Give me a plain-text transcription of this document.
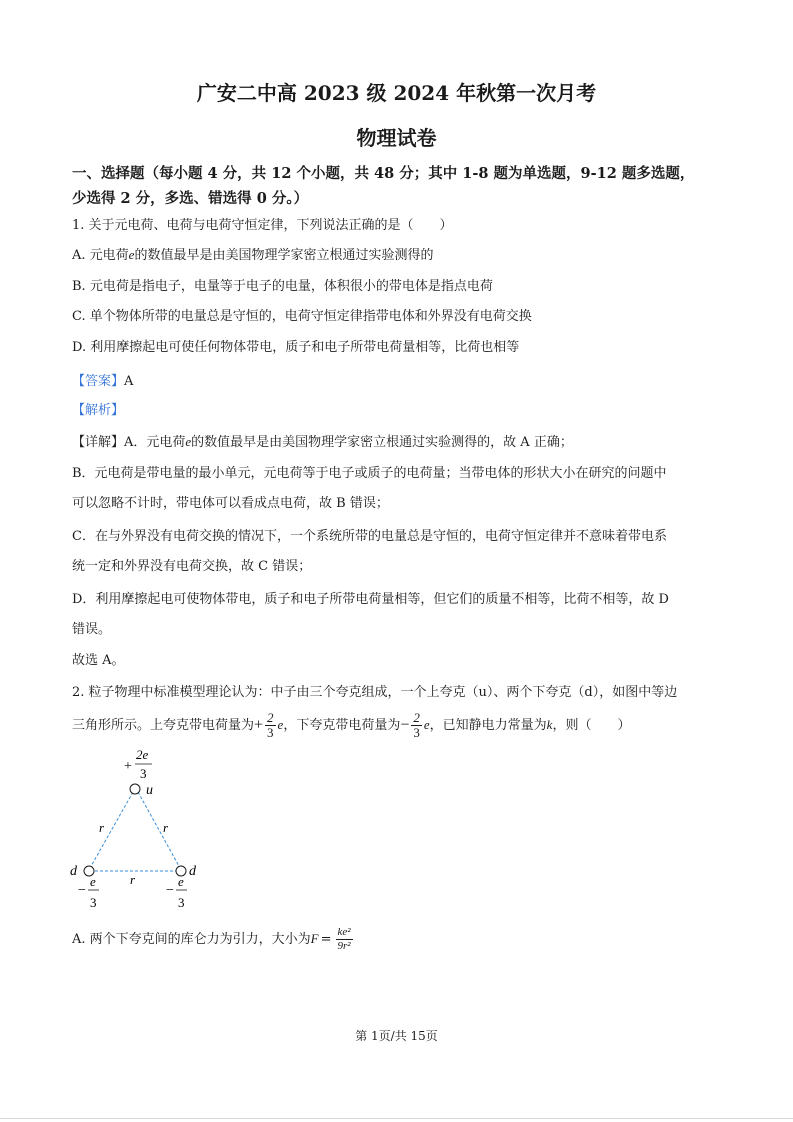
广安二中高 2023 级 2024 年秋第一次月考
物理试卷
一、选择题（每小题 4 分，共 12 个小题，共 48 分；其中 1-8 题为单选题，9-12 题多选题，
少选得 2 分，多选、错选得 0 分。）
1. 关于元电荷、电荷与电荷守恒定律，下列说法正确的是（　　）
A. 元电荷e的数值最早是由美国物理学家密立根通过实验测得的
B. 元电荷是指电子，电量等于电子的电量，体积很小的带电体是指点电荷
C. 单个物体所带的电量总是守恒的，电荷守恒定律指带电体和外界没有电荷交换
D. 利用摩擦起电可使任何物体带电，质子和电子所带电荷量相等，比荷也相等
【答案】A
【解析】
【详解】A．元电荷e的数值最早是由美国物理学家密立根通过实验测得的，故 A 正确；
B．元电荷是带电量的最小单元，元电荷等于电子或质子的电荷量；当带电体的形状大小在研究的问题中
可以忽略不计时，带电体可以看成点电荷，故 B 错误；
C．在与外界没有电荷交换的情况下，一个系统所带的电量总是守恒的，电荷守恒定律并不意味着带电系
统一定和外界没有电荷交换，故 C 错误；
D．利用摩擦起电可使物体带电，质子和电子所带电荷量相等，但它们的质量不相等，比荷不相等，故 D
错误。
故选 A。
2. 粒子物理中标准模型理论认为：中子由三个夸克组成，一个上夸克（u）、两个下夸克（d），如图中等边
三角形所示。上夸克带电荷量为+ $\frac{2}{3}$ e，下夸克带电荷量为− $\frac{2}{3}$ e，已知静电力常量为k，则（　　）
+
2e
3
u
d	d
r	r
r
−
e
3
−
e
3
A. 两个下夸克间的库仑力为引力，大小为$F = \frac{\text{ke²}}{\text{9r²}}$
第 1页/共 15页
